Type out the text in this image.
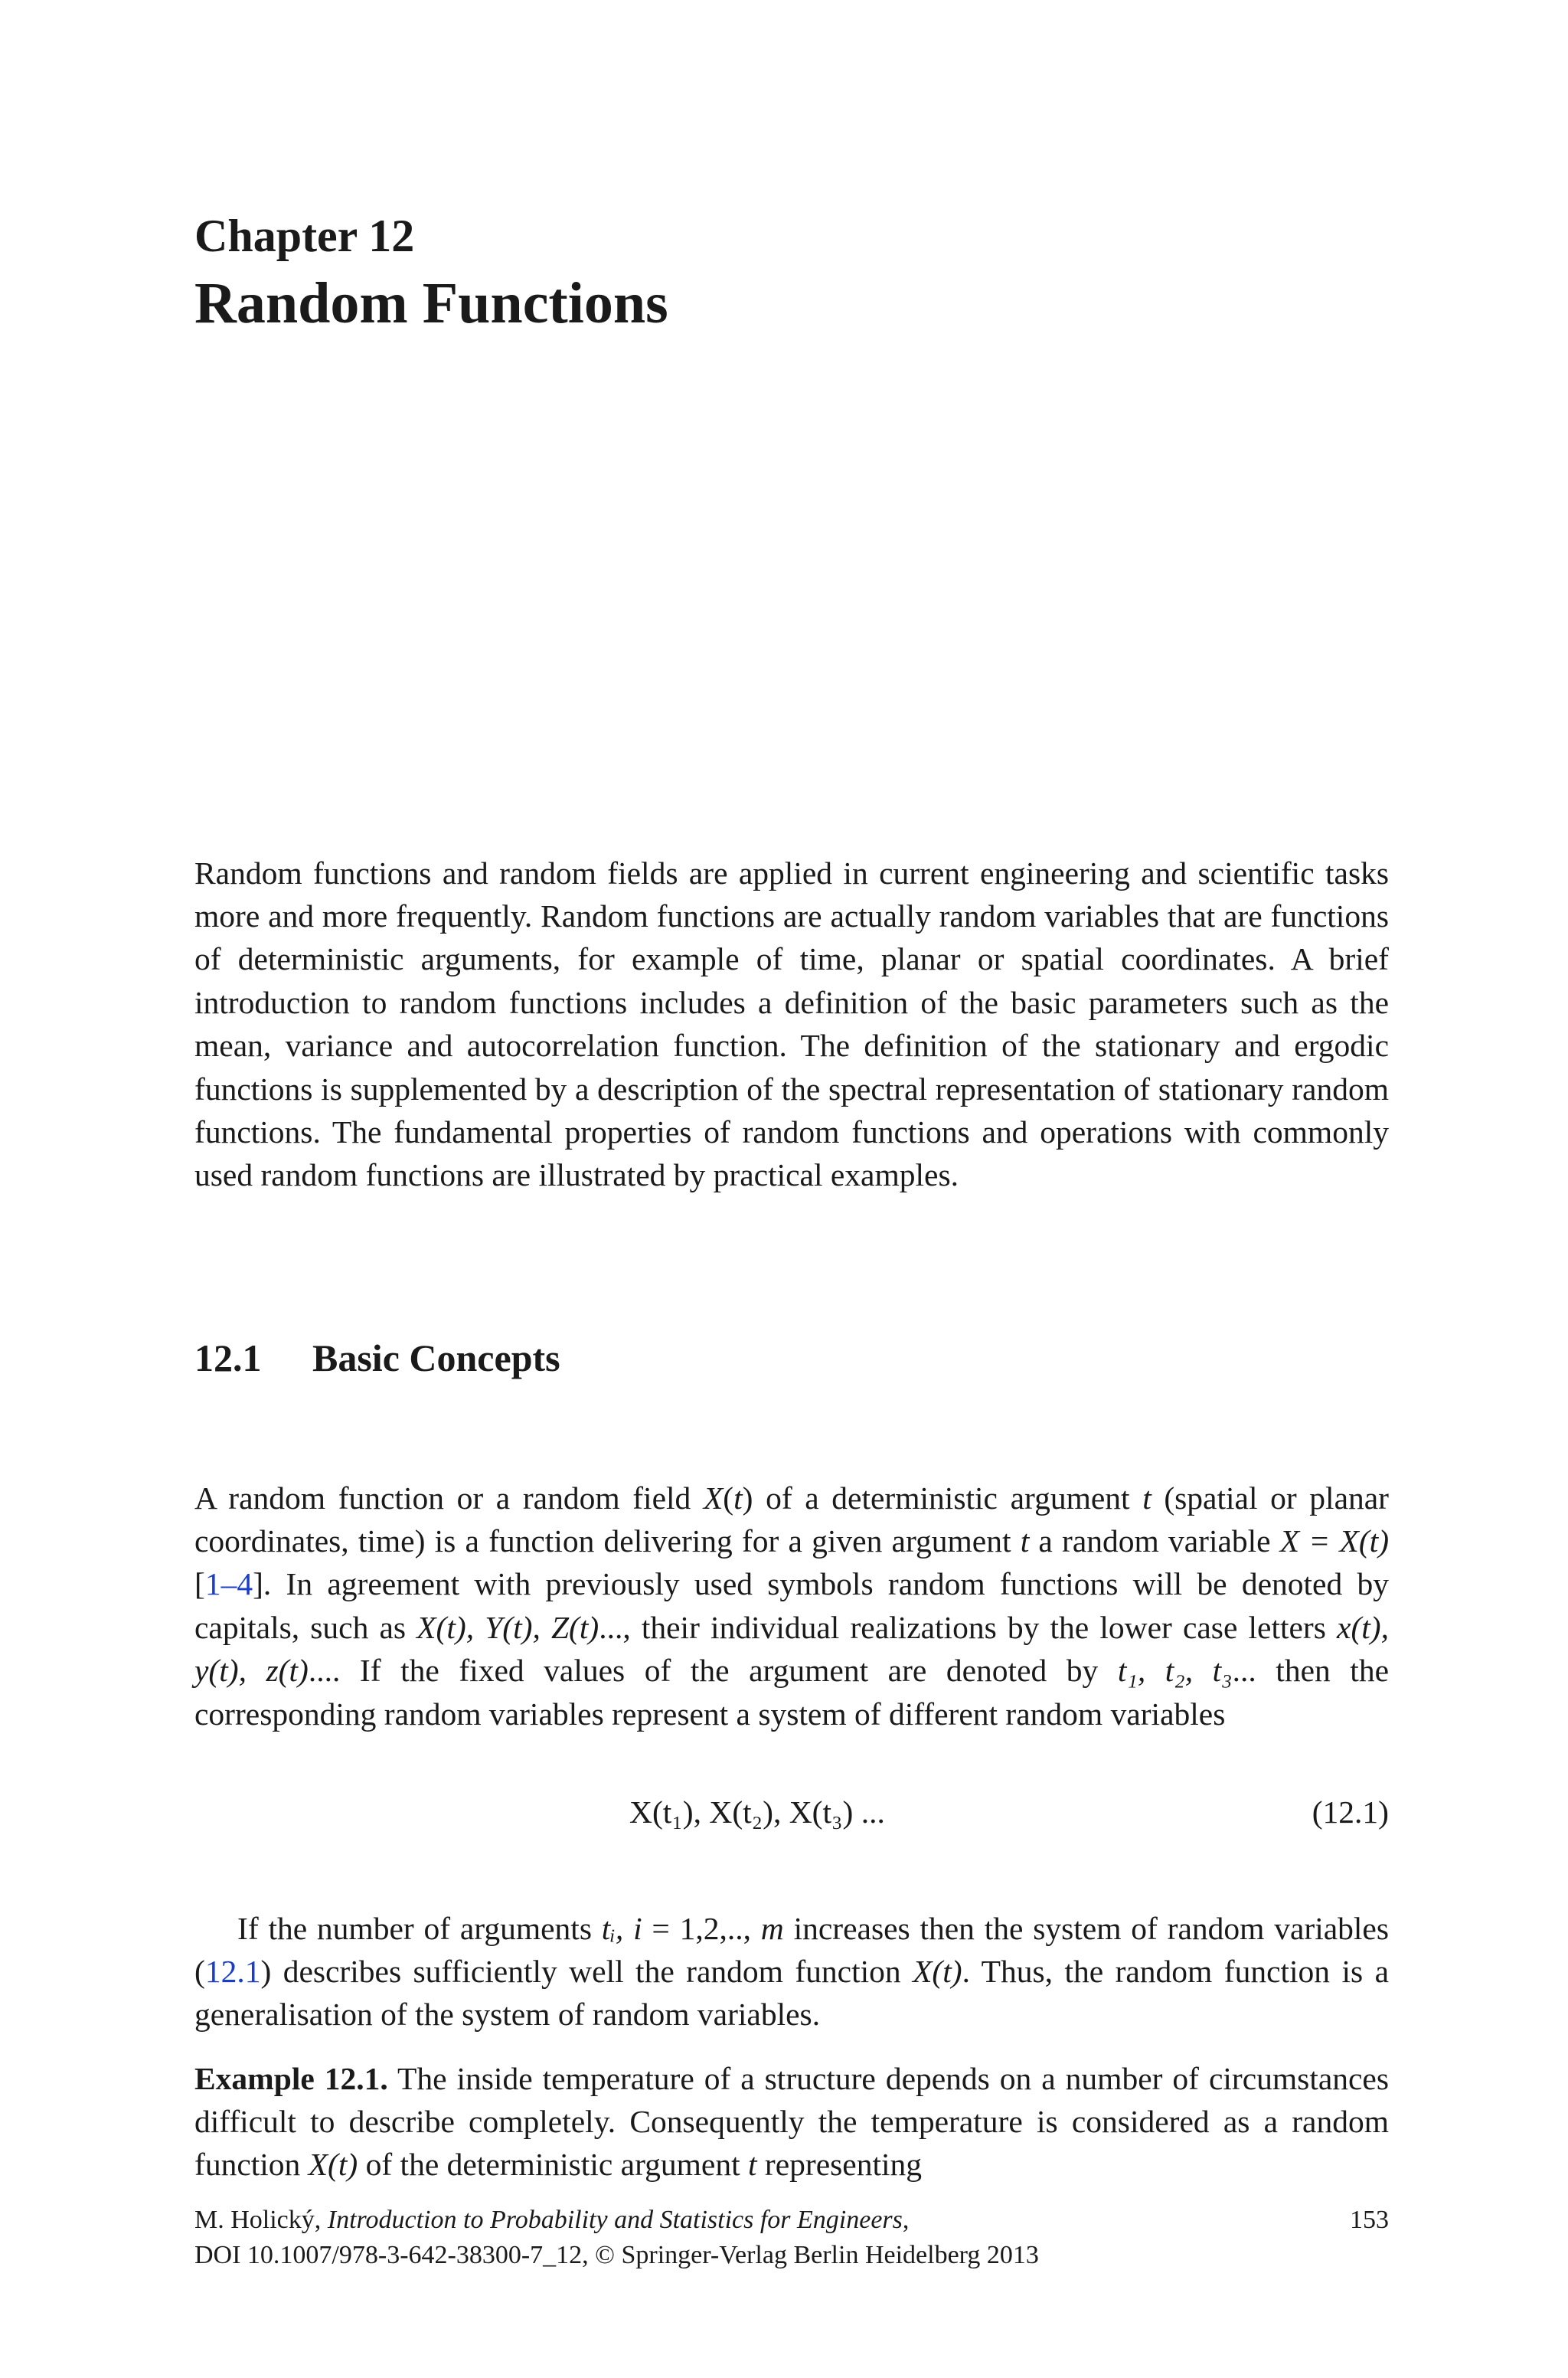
Chapter 12
Random Functions

Random functions and random fields are applied in current engineering and scientific tasks more and more frequently. Random functions are actually random variables that are functions of deterministic arguments, for example of time, planar or spatial coordinates. A brief introduction to random functions includes a definition of the basic parameters such as the mean, variance and autocorrelation function. The definition of the stationary and ergodic functions is supplemented by a description of the spectral representation of stationary random functions. The fundamental properties of random functions and operations with commonly used random functions are illustrated by practical examples.

12.1 Basic Concepts

A random function or a random field X(t) of a deterministic argument t (spatial or planar coordinates, time) is a function delivering for a given argument t a random variable X = X(t) [1–4]. In agreement with previously used symbols random functions will be denoted by capitals, such as X(t), Y(t), Z(t)..., their individual realizations by the lower case letters x(t), y(t), z(t).... If the fixed values of the argument are denoted by t₁, t₂, t₃... then the corresponding random variables represent a system of different random variables

X(t₁), X(t₂), X(t₃) ...	(12.1)

If the number of arguments tᵢ, i = 1,2,.., m increases then the system of random variables (12.1) describes sufficiently well the random function X(t). Thus, the random function is a generalisation of the system of random variables.

Example 12.1. The inside temperature of a structure depends on a number of circumstances difficult to describe completely. Consequently the temperature is considered as a random function X(t) of the deterministic argument t representing

M. Holický, Introduction to Probability and Statistics for Engineers,	153
DOI 10.1007/978-3-642-38300-7_12, © Springer-Verlag Berlin Heidelberg 2013
